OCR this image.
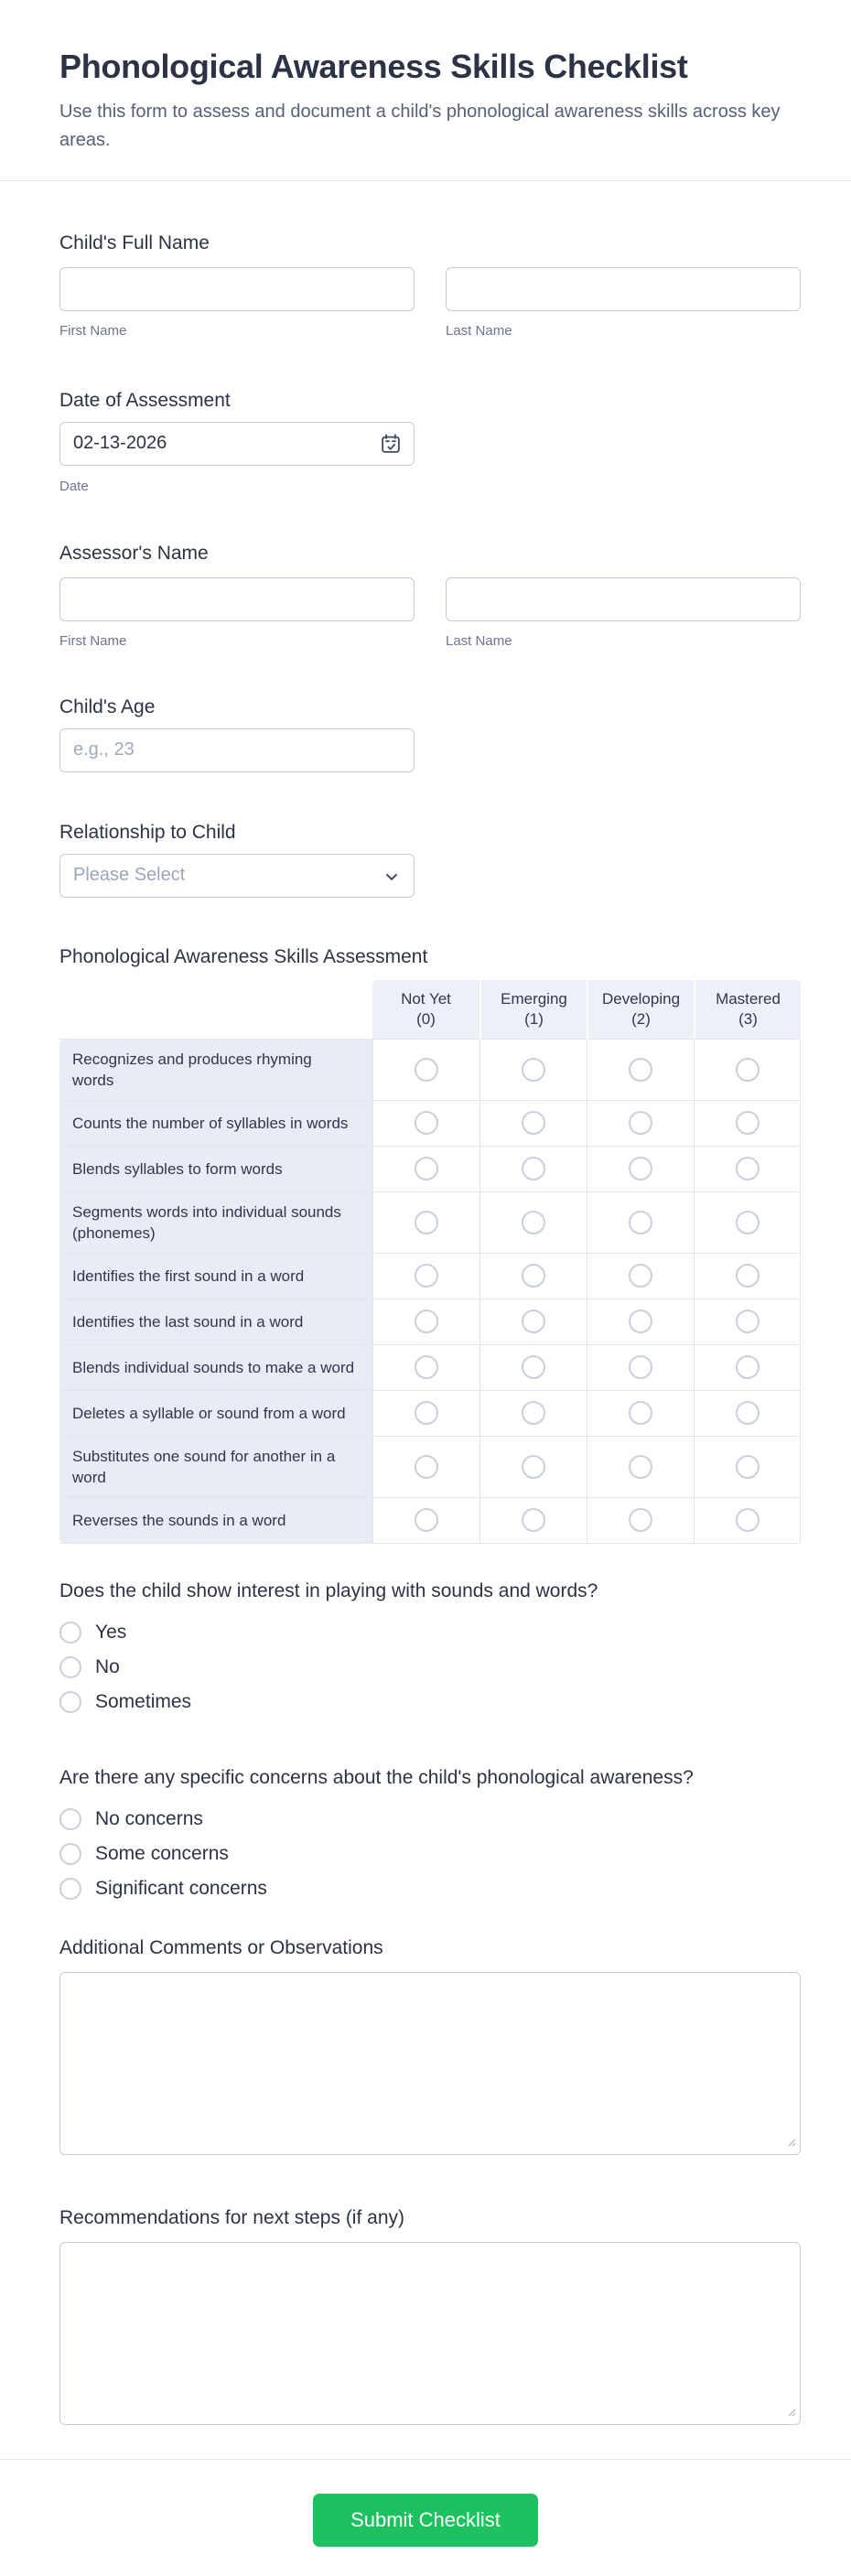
Phonological Awareness Skills Checklist

Use this form to assess and document a child's phonological awareness skills across key areas.

Child's Full Name
First Name	Last Name
Date of Assessment
02-13-2026
Date
Assessor's Name
First Name	Last Name
Child's Age
e.g., 23
Relationship to Child
Please Select
Phonological Awareness Skills Assessment
Not Yet
(0)
Emerging
(1)
Developing
(2)
Mastered
(3)
Recognizes and produces rhyming words
Counts the number of syllables in words
Blends syllables to form words
Segments words into individual sounds (phonemes)
Identifies the first sound in a word
Identifies the last sound in a word
Blends individual sounds to make a word
Deletes a syllable or sound from a word
Substitutes one sound for another in a word
Reverses the sounds in a word
Does the child show interest in playing with sounds and words?
Yes
No
Sometimes
Are there any specific concerns about the child's phonological awareness?
No concerns
Some concerns
Significant concerns
Additional Comments or Observations
Recommendations for next steps (if any)
Submit Checklist
